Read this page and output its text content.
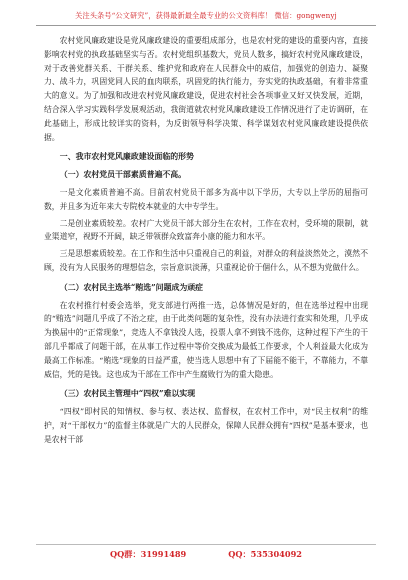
关注头条号“公文研究”，获得最新最全最专业的公文资料库！ 微信：gongwenyj

农村党风廉政建设是党风廉政建设的重要组成部分，也是农村党的建设的重要内容，直接影响农村党的执政基础坚实与否。农村党组织基数大，党员人数多，搞好农村党风廉政建设，对于改善党群关系、干群关系、维护党和政府在人民群众中的威信，加强党的创造力、凝聚力、战斗力，巩固党同人民的血肉联系，巩固党的执行能力，夯实党的执政基础，有着非常重大的意义。为了加强和改进农村党风廉政建设，促进农村社会各项事业又好又快发展，近期，结合深入学习实践科学发展观活动，我街道就农村党风廉政建设工作情况进行了走访调研，在此基础上，形成比较详实的资料，为反街领导科学决策、科学谋划农村党风廉政建设提供依据。

一、我市农村党风廉政建设面临的形势
（一）农村党员干部素质普遍不高。

一是文化素质普遍不高。目前农村党员干部多为高中以下学历，大专以上学历的屈指可数，并且多为近年来大专院校本就业的大中专学生。

二是创业素质较差。农村广大党员干部大部分生在农村，工作在农村，受环境的限制，就业渠道窄，视野不开阔，缺乏带领群众致富奔小康的能力和水平。

三是思想素质较差。在工作和生活中只重视自己的利益，对群众的利益淡然处之，漠然不顾，没有为人民服务的理想信念，宗旨意识淡薄，只重视论价于個什么，从不想为党做什么。

（二）农村民主选举“贿选”问题成为顽症

在农村推行村委会选举，党支部进行两推一选，总体情况是好的，但在选举过程中出现的“贿选”问题几乎成了不治之症，由于此类问题的复杂性，没有办法进行查实和处理，几乎成为换届中的“正常现象”，竞选人不拿钱没人选，投票人拿不到钱不选你，这种过程下产生的干部几乎都成了问题干部，在从事工作过程中等价交换成为最低工作要求，个人利益最大化成为最高工作标准。“贿选”现象的日益严重，使当选人思想中有了下届能不能干，不靠能力，不靠威信，凭的是钱。这也成为干部在工作中产生腐败行为的重大隐患。

（三）农村民主管理中“四权”难以实现

“四权”即村民的知情权、参与权、表达权、监督权，在农村工作中，对“民主权利”的维护，对“干部权力”的监督主体就是广大的人民群众，保障人民群众拥有“四权”是基本要求，也是农村干部

QQ群：31991489	QQ：535304092
